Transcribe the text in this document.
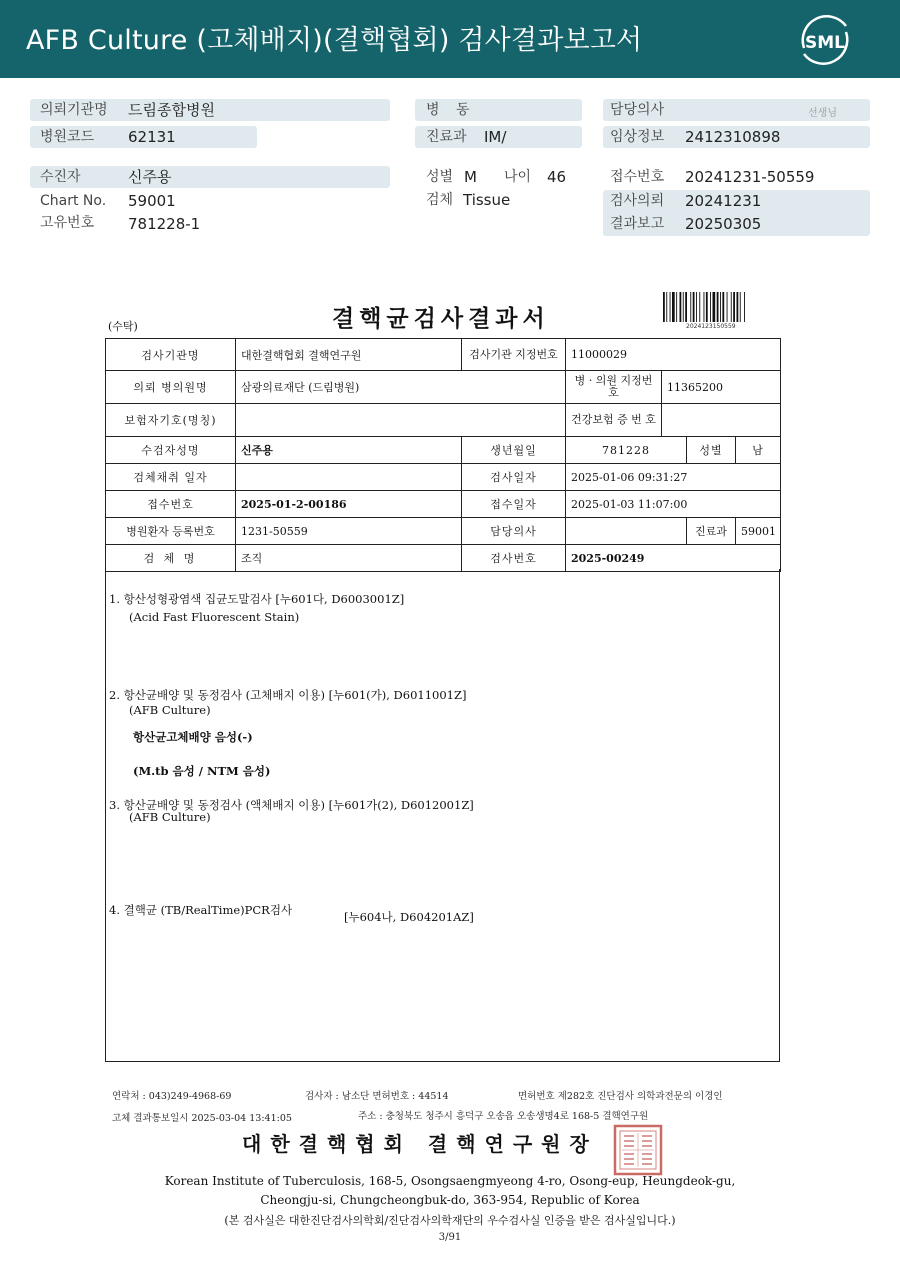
AFB Culture (고체배지)(결핵협회) 검사결과보고서	SML
의뢰기관명 드림종합병원
병원코드 62131
병 동
진료과 IM/
담당의사	선생님
임상정보 2412310898
수진자	신주용
Chart No. 59001
고유번호 781228-1
성별 M 나이 46
검체 Tissue
접수번호 20241231-50559
검사의뢰 20241231
결과보고 20250305
(수탁)	결핵균검사결과서	2024123150559
검사기관명	대한결핵협회 결핵연구원	검사기관 지정번호	11000029			
의뢰 병의원명	삼광의료재단 (드림병원)		병 · 의원 지정번호	11365200		
보험자기호(명칭)			건강보험 증 번 호			
수검자성명	신주용	생년월일	781228		성별	남
검체채취 일자		검사일자	2025-01-06 09:31:27			
접수번호	2025-01-2-00186	접수일자	2025-01-03 11:07:00			
병원환자 등록번호	1231-50559	담당의사			진료과	59001
검 체 명	조직	검사번호	2025-00249			
1. 항산성형광염색 집균도말검사 [누601다, D6003001Z]
(Acid Fast Fluorescent Stain)
2. 항산균배양 및 동정검사 (고체배지 이용) [누601(가), D6011001Z]
(AFB Culture)
항산균고체배양 음성(-)
(M.tb 음성 / NTM 음성)
3. 항산균배양 및 동정검사 (액체배지 이용) [누601가(2), D6012001Z]
(AFB Culture)
4. 결핵균 (TB/RealTime)PCR검사	[누604나, D604201AZ]
연락처 : 043)249-4968-69	검사자 : 남소단 면허번호 : 44514	면허번호 제282호 진단검사 의학과전문의 이경인
고체 결과통보일시 2025-03-04 13:41:05	주소 : 충청북도 청주시 흥덕구 오송읍 오송생명4로 168-5 결핵연구원
대한결핵협회 결핵연구원장
Korean Institute of Tuberculosis, 168-5, Osongsaengmyeong 4-ro, Osong-eup, Heungdeok-gu,
Cheongju-si, Chungcheongbuk-do, 363-954, Republic of Korea
(본 검사실은 대한진단검사의학회/진단검사의학재단의 우수검사실 인증을 받은 검사실입니다.)
3/91
